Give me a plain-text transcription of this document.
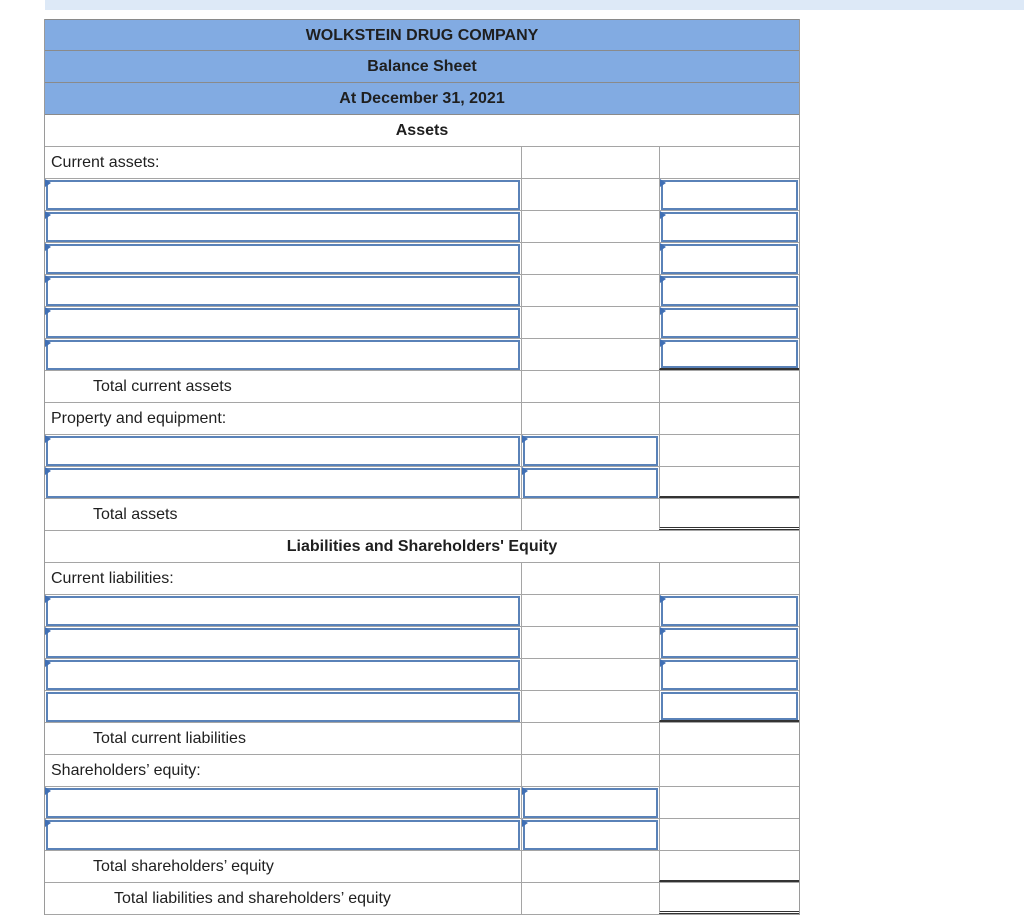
WOLKSTEIN DRUG COMPANY
Balance Sheet
At December 31, 2021
Assets
Current assets:
Total current assets
Property and equipment:
Total assets
Liabilities and Shareholders' Equity
Current liabilities:
Total current liabilities
Shareholders’ equity:
Total shareholders’ equity
Total liabilities and shareholders’ equity
